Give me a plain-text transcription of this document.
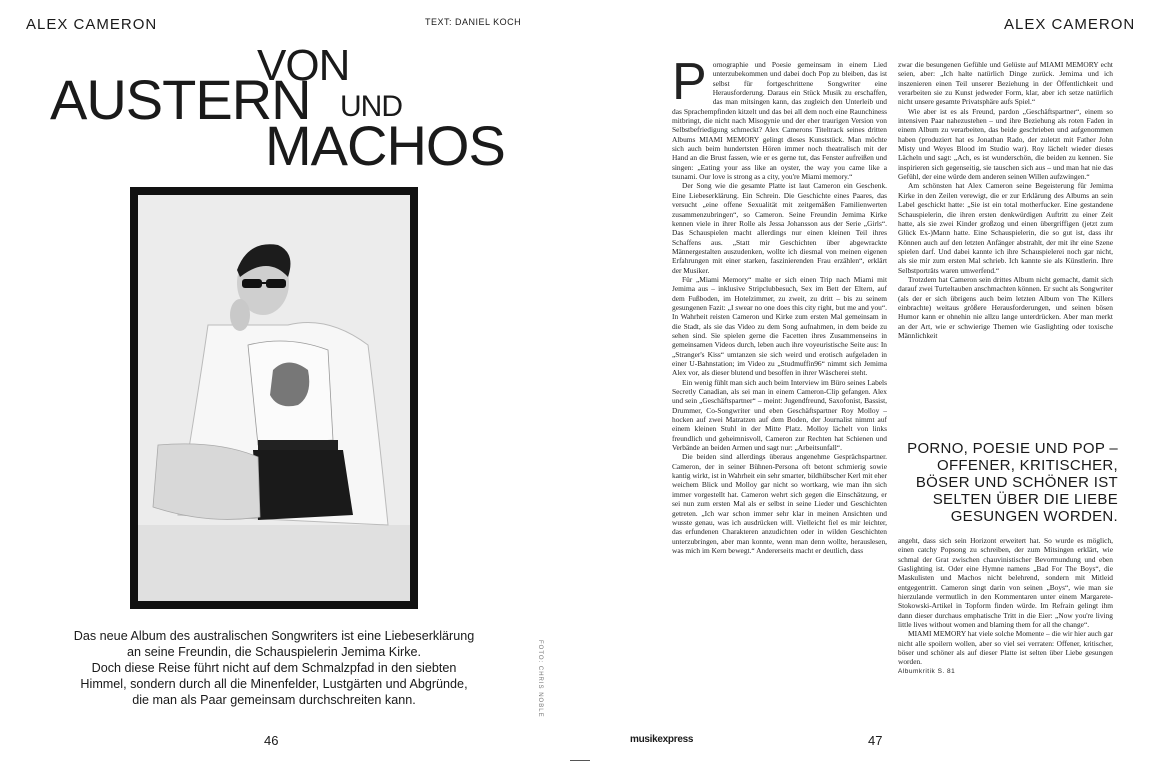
ALEX CAMERON	TEXT: DANIEL KOCH
VON
AUSTERN UND
MACHOS
FOTO: CHRIS NOBLE
Das neue Album des australischen Songwriters ist eine Liebeserklärung
an seine Freundin, die Schauspielerin Jemima Kirke.
Doch diese Reise führt nicht auf dem Schmalzpfad in den siebten
Himmel, sondern durch all die Minenfelder, Lustgärten und Abgründe,
die man als Paar gemeinsam durchschreiten kann.
46
ALEX CAMERON
P ornographie und Poesie gemeinsam in einem Lied unterzubekommen und dabei doch Pop zu bleiben, das ist selbst für fortgeschrittene Songwriter eine Herausforderung. Daraus ein Stück Musik zu erschaffen, das man mitsingen kann, das zugleich den Unterleib und das Sprachempfinden kitzelt und das bei all dem noch eine Raunchiness mitbringt, die nicht nach Misogynie und der eher traurigen Version von Selbstbefriedigung schmeckt? Alex Camerons Titeltrack seines dritten Albums MIAMI MEMORY gelingt dieses Kunststück. Man möchte sich auch beim hundertsten Hören immer noch theatralisch mit der Hand an die Brust fassen, wie er es gerne tut, das Fenster aufreißen und singen: „Eating your ass like an oyster, the way you came like a tsunami. Our love is strong as a city, you're Miami memory.“

Der Song wie die gesamte Platte ist laut Cameron ein Geschenk. Eine Liebeserklärung. Ein Schrein. Die Geschichte eines Paares, das versucht „eine offene Sexualität mit zeitgemäßen Familienwerten zusammenzubringen“, so Cameron. Seine Freundin Jemima Kirke kennen viele in ihrer Rolle als Jessa Johansson aus der Serie „Girls“. Das Schauspielen macht allerdings nur einen kleinen Teil ihres Schaffens aus. „Statt mir Geschichten über abgewrackte Männergestalten auszudenken, wollte ich diesmal von meinen eigenen Erfahrungen mit einer starken, faszinierenden Frau erzählen“, erklärt der Musiker.

Für „Miami Memory“ malte er sich einen Trip nach Miami mit Jemima aus – inklusive Stripclubbesuch, Sex im Bett der Eltern, auf dem Fußboden, im Hotelzimmer, zu zweit, zu dritt – bis zu seinem gesungenen Fazit: „I swear no one does this city right, but me and you“. In Wahrheit reisten Cameron und Kirke zum ersten Mal gemeinsam in die Stadt, als sie das Video zu dem Song aufnahmen, in dem beide zu sehen sind. Sie spielen gerne die Facetten ihres Zusammenseins in gemeinsamen Videos durch, leben auch ihre voyeuristische Seite aus: In „Stranger's Kiss“ umtanzen sie sich weird und erotisch aufgeladen in einer U-Bahnstation; im Video zu „Studmuffin96“ nimmt sich Jemima Alex vor, als dieser blutend und besoffen in ihrer Wäscherei steht.

Ein wenig fühlt man sich auch beim Interview im Büro seines Labels Secretly Canadian, als sei man in einem Cameron-Clip gefangen. Alex und sein „Geschäftspartner“ – meint: Jugendfreund, Saxofonist, Bassist, Drummer, Co-Songwriter und eben Geschäftspartner Roy Molloy – hocken auf zwei Matratzen auf dem Boden, der Journalist nimmt auf einem kleinen Stuhl in der Mitte Platz. Molloy lächelt von links freundlich und geheimnisvoll, Cameron zur Rechten hat Schienen und Verbände an beiden Armen und sagt nur: „Arbeitsunfall“.

Die beiden sind allerdings überaus angenehme Gesprächspartner. Cameron, der in seiner Bühnen-Persona oft betont schmierig sowie kantig wirkt, ist in Wahrheit ein sehr smarter, bildhübscher Kerl mit eher weichem Blick und Molloy gar nicht so wortkarg, wie man ihn sich immer vorgestellt hat. Cameron wehrt sich gegen die Einschätzung, er sei nun zum ersten Mal als er selbst in seine Lieder und Geschichten getreten. „Ich war schon immer sehr klar in meinen Ansichten und wusste genau, was ich ausdrücken will. Vielleicht fiel es mir leichter, das erfundenen Charakteren anzudichten oder in wilden Geschichten unterzubringen, aber man konnte, wenn man denn wollte, herauslesen, was mich im Kern bewegt.“ Andererseits macht er deutlich, dass

zwar die besungenen Gefühle und Gelüste auf MIAMI MEMORY echt seien, aber: „Ich halte natürlich Dinge zurück. Jemima und ich inszenieren einen Teil unserer Beziehung in der Öffentlichkeit und verarbeiten sie zu Kunst jedweder Form, klar, aber ich setze natürlich nicht unsere gesamte Privatsphäre aufs Spiel.“

Wie aber ist es als Freund, pardon „Geschäftspartner“, einem so intensiven Paar nahezustehen – und ihre Beziehung als roten Faden in einem Album zu verarbeiten, das beide geschrieben und aufgenommen haben (produziert hat es Jonathan Rado, der zuletzt mit Father John Misty und Weyes Blood im Studio war). Roy lächelt wieder dieses Lächeln und sagt: „Ach, es ist wunderschön, die beiden zu kennen. Sie inspirieren sich gegenseitig, sie tauschen sich aus – und man hat nie das Gefühl, der eine würde dem anderen seinen Willen aufzwingen.“

Am schönsten hat Alex Cameron seine Begeisterung für Jemima Kirke in den Zeilen verewigt, die er zur Erklärung des Albums an sein Label geschickt hatte: „Sie ist ein total motherfucker. Eine gestandene Schauspielerin, die ihren ersten denkwürdigen Auftritt zu einer Zeit hatte, als sie zwei Kinder großzog und einen übergriffigen (jetzt zum Glück Ex-)Mann hatte. Eine Schauspielerin, die so gut ist, dass ihr Können auch auf den letzten Anfänger abstrahlt, der mit ihr eine Szene spielen darf. Und dabei kannte ich ihre Schauspielerei noch gar nicht, als sie mir zum ersten Mal schrieb. Ich kannte sie als Künstlerin. Ihre Selbstporträts waren umwerfend.“

Trotzdem hat Cameron sein drittes Album nicht gemacht, damit sich darauf zwei Turteltauben anschmachten können. Er sucht als Songwriter (als der er sich übrigens auch beim letzten Album von The Killers einbrachte) weitaus größere Herausforderungen, und seinen bösen Humor kann er ohnehin nie allzu lange unterdrücken. Aber man merkt an der Art, wie er schwierige Themen wie Gaslighting oder toxische Männlichkeit

PORNO, POESIE UND POP –
OFFENER, KRITISCHER,
BÖSER UND SCHÖNER IST
SELTEN ÜBER DIE LIEBE
GESUNGEN WORDEN.

angeht, dass sich sein Horizont erweitert hat. So wurde es möglich, einen catchy Popsong zu schreiben, der zum Mitsingen erklärt, wie schmal der Grat zwischen chauvinistischer Bevormundung und eben Gaslighting ist. Oder eine Hymne namens „Bad For The Boys“, die Maskulisten und Machos nicht belehrend, sondern mit Mitleid entgegentritt. Cameron singt darin von seinen „Boys“, wie man sie hierzulande vermutlich in den Kommentaren unter einem Margarete-Stokowski-Artikel in Topform finden würde. Im Refrain gelingt ihm dann dieser durchaus emphatische Tritt in die Eier: „Now you're living little lives without women and blaming them for all the change“.

MIAMI MEMORY hat viele solche Momente – die wir hier auch gar nicht alle spoilern wollen, aber so viel sei verraten: Offener, kritischer, böser und schöner als auf dieser Platte ist selten über Liebe gesungen worden.

Albumkritik S. 81

musikexpress	47
